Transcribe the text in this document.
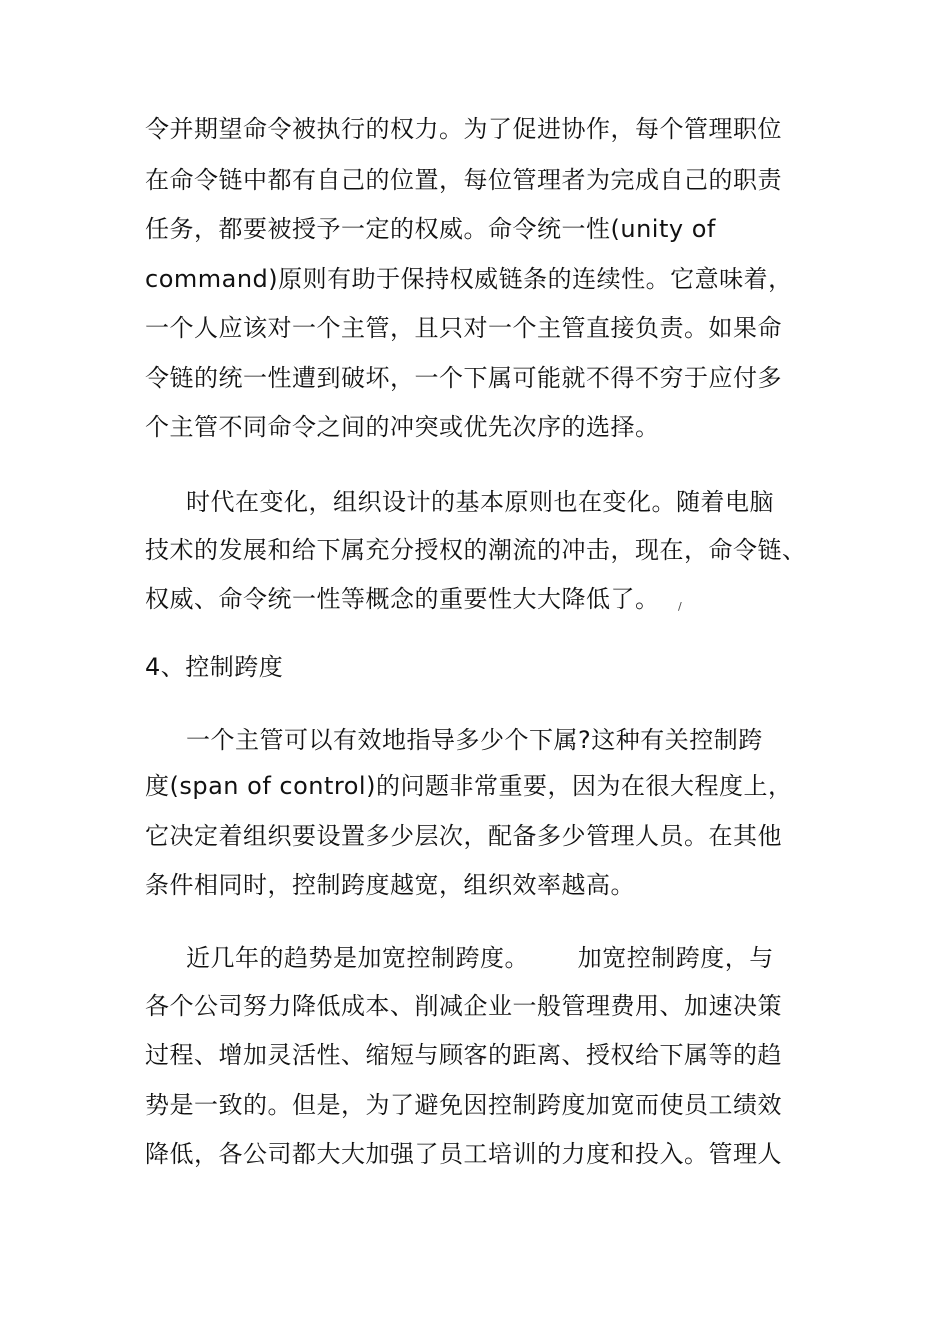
令并期望命令被执行的权力。为了促进协作，每个管理职位
在命令链中都有自己的位置，每位管理者为完成自己的职责
任务，都要被授予一定的权威。命令统一性(unity of
command)原则有助于保持权威链条的连续性。它意味着，
一个人应该对一个主管，且只对一个主管直接负责。如果命
令链的统一性遭到破坏，一个下属可能就不得不穷于应付多
个主管不同命令之间的冲突或优先次序的选择。
时代在变化，组织设计的基本原则也在变化。随着电脑
技术的发展和给下属充分授权的潮流的冲击，现在，命令链、
权威、命令统一性等概念的重要性大大降低了。 /
4、控制跨度
一个主管可以有效地指导多少个下属?这种有关控制跨
度(span of control)的问题非常重要，因为在很大程度上，
它决定着组织要设置多少层次，配备多少管理人员。在其他
条件相同时，控制跨度越宽，组织效率越高。
近几年的趋势是加宽控制跨度。      加宽控制跨度，与
各个公司努力降低成本、削减企业一般管理费用、加速决策
过程、增加灵活性、缩短与顾客的距离、授权给下属等的趋
势是一致的。但是，为了避免因控制跨度加宽而使员工绩效
降低，各公司都大大加强了员工培训的力度和投入。管理人
